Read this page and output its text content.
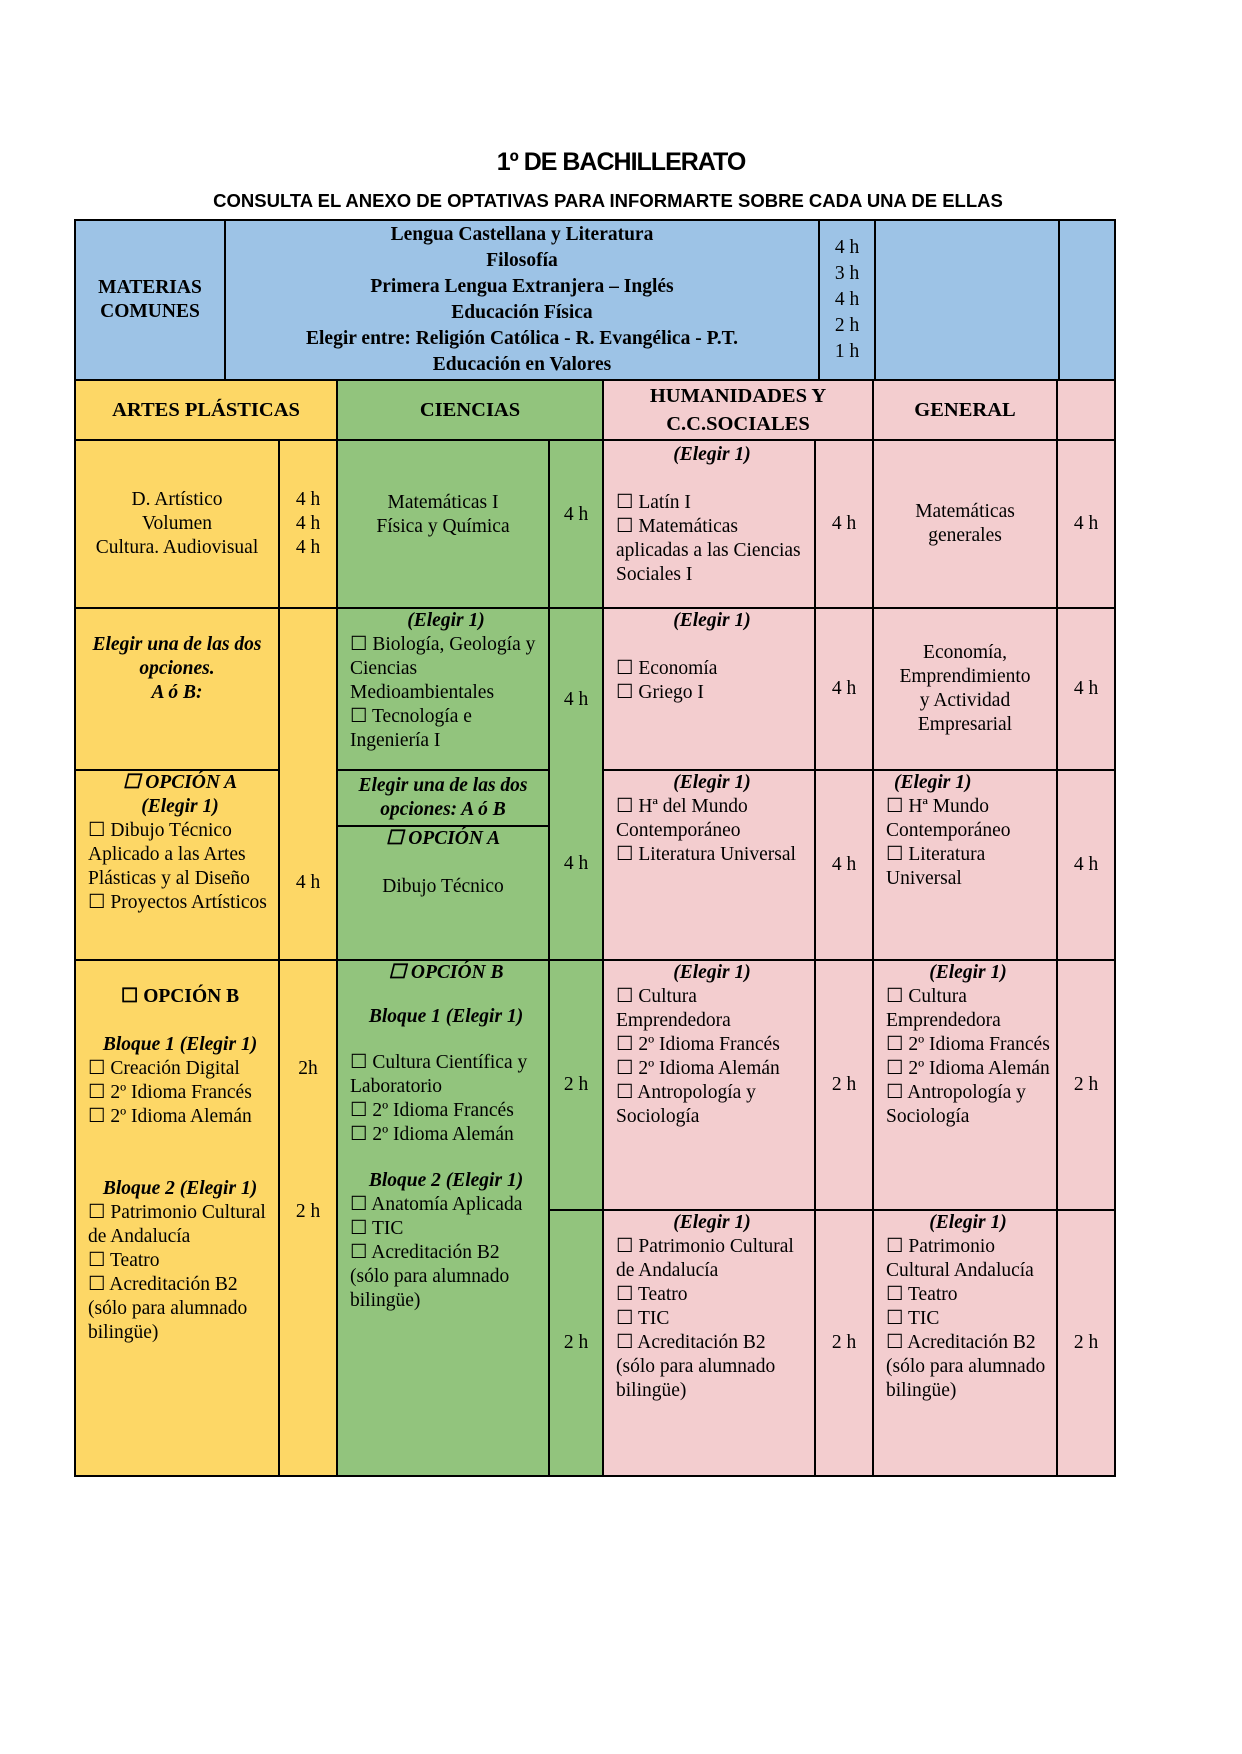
1º DE BACHILLERATO
CONSULTA EL ANEXO DE OPTATIVAS PARA INFORMARTE SOBRE CADA UNA DE ELLAS
MATERIAS
COMUNES
Lengua Castellana y Literatura
Filosofía
Primera Lengua Extranjera – Inglés
Educación Física
Elegir entre: Religión Católica - R. Evangélica - P.T.
Educación en Valores
4 h
3 h
4 h
2 h
1 h
ARTES PLÁSTICAS	CIENCIAS
HUMANIDADES Y
C.C.SOCIALES
GENERAL
D. Artístico
Volumen
Cultura. Audiovisual
4 h
4 h
4 h
Matemáticas I
Física y Química
4 h
(Elegir 1)
☐ Latín I
☐ Matemáticas aplicadas a las Ciencias Sociales I
4 h
Matemáticas
generales
4 h
Elegir una de las dos
opciones.
A ó B:
☐ OPCIÓN A
(Elegir 1)
☐ Dibujo Técnico Aplicado a las Artes Plásticas y al Diseño
☐ Proyectos Artísticos
4 h
(Elegir 1)
☐ Biología, Geología y Ciencias Medioambientales
☐ Tecnología e Ingeniería I
Elegir una de las dos
opciones: A ó B
☐ OPCIÓN A
Dibujo Técnico
4 h
4 h
(Elegir 1)
☐ Economía
☐ Griego I	4 h
Economía,
Emprendimiento
y Actividad
Empresarial
4 h
(Elegir 1)
☐ Hª del Mundo Contemporáneo
☐ Literatura Universal 4 h
(Elegir 1)
☐ Hª Mundo Contemporáneo
☐ Literatura Universal
4 h
☐ OPCIÓN B
Bloque 1 (Elegir 1)
☐ Creación Digital
☐ 2º Idioma Francés
☐ 2º Idioma Alemán
Bloque 2 (Elegir 1)
☐ Patrimonio Cultural de Andalucía
☐ Teatro
☐ Acreditación B2 (sólo para alumnado bilingüe)
2h
2 h
☐ OPCIÓN B
Bloque 1 (Elegir 1)
☐ Cultura Científica y Laboratorio
☐ 2º Idioma Francés
☐ 2º Idioma Alemán
Bloque 2 (Elegir 1)
☐ Anatomía Aplicada
☐ TIC
☐ Acreditación B2 (sólo para alumnado bilingüe)
2 h
2 h
(Elegir 1)
☐ Cultura Emprendedora
☐ 2º Idioma Francés
☐ 2º Idioma Alemán
☐ Antropología y Sociología
2 h
(Elegir 1)
☐ Patrimonio Cultural de Andalucía
☐ Teatro
☐ TIC
☐ Acreditación B2 (sólo para alumnado bilingüe)
2 h
(Elegir 1)
☐ Cultura Emprendedora
☐ 2º Idioma Francés
☐ 2º Idioma Alemán
☐ Antropología y Sociología
2 h
(Elegir 1)
☐ Patrimonio Cultural Andalucía
☐ Teatro
☐ TIC
☐ Acreditación B2 (sólo para alumnado bilingüe)
2 h
